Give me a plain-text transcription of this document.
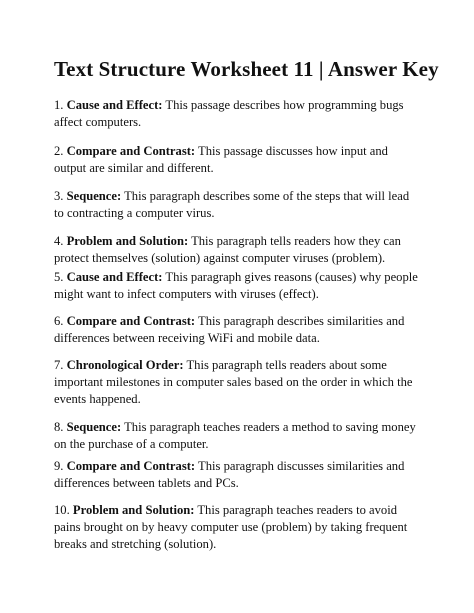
Text Structure Worksheet 11 | Answer Key

1. Cause and Effect: This passage describes how programming bugs affect computers.

2. Compare and Contrast: This passage discusses how input and output are similar and different.

3. Sequence: This paragraph describes some of the steps that will lead to contracting a computer virus.

4. Problem and Solution: This paragraph tells readers how they can protect themselves (solution) against computer viruses (problem).

5. Cause and Effect: This paragraph gives reasons (causes) why people might want to infect computers with viruses (effect).

6. Compare and Contrast: This paragraph describes similarities and differences between receiving WiFi and mobile data.

7. Chronological Order: This paragraph tells readers about some important milestones in computer sales based on the order in which the events happened.

8. Sequence: This paragraph teaches readers a method to saving money on the purchase of a computer.

9. Compare and Contrast: This paragraph discusses similarities and differences between tablets and PCs.

10. Problem and Solution: This paragraph teaches readers to avoid pains brought on by heavy computer use (problem) by taking frequent breaks and stretching (solution).
